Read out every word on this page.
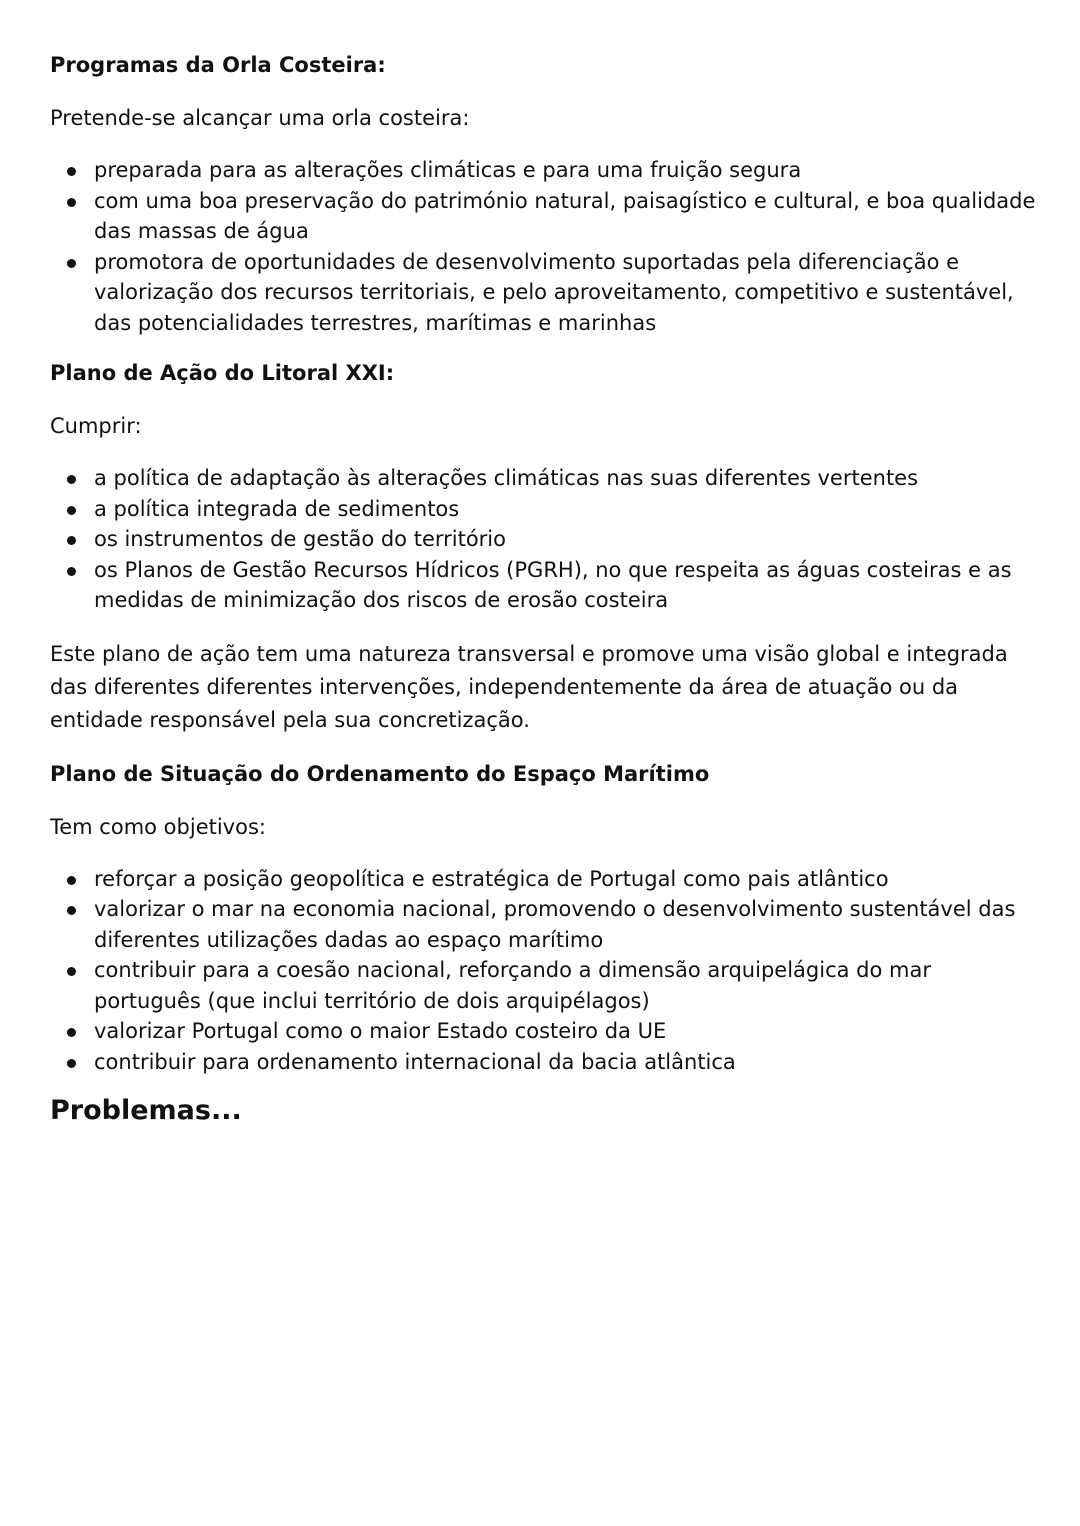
Programas da Orla Costeira:

Pretende-se alcançar uma orla costeira:

preparada para as alterações climáticas e para uma fruição segura
com uma boa preservação do património natural, paisagístico e cultural, e boa qualidade das massas de água
promotora de oportunidades de desenvolvimento suportadas pela diferenciação e valorização dos recursos territoriais, e pelo aproveitamento, competitivo e sustentável, das potencialidades terrestres, marítimas e marinhas

Plano de Ação do Litoral XXI:

Cumprir:

a política de adaptação às alterações climáticas nas suas diferentes vertentes
a política integrada de sedimentos
os instrumentos de gestão do território
os Planos de Gestão Recursos Hídricos (PGRH), no que respeita as águas costeiras e as medidas de minimização dos riscos de erosão costeira

Este plano de ação tem uma natureza transversal e promove uma visão global e integrada das diferentes diferentes intervenções, independentemente da área de atuação ou da entidade responsável pela sua concretização.

Plano de Situação do Ordenamento do Espaço Marítimo

Tem como objetivos:

reforçar a posição geopolítica e estratégica de Portugal como pais atlântico
valorizar o mar na economia nacional, promovendo o desenvolvimento sustentável das diferentes utilizações dadas ao espaço marítimo
contribuir para a coesão nacional, reforçando a dimensão arquipelágica do mar português (que inclui território de dois arquipélagos)
valorizar Portugal como o maior Estado costeiro da UE
contribuir para ordenamento internacional da bacia atlântica

Problemas...
